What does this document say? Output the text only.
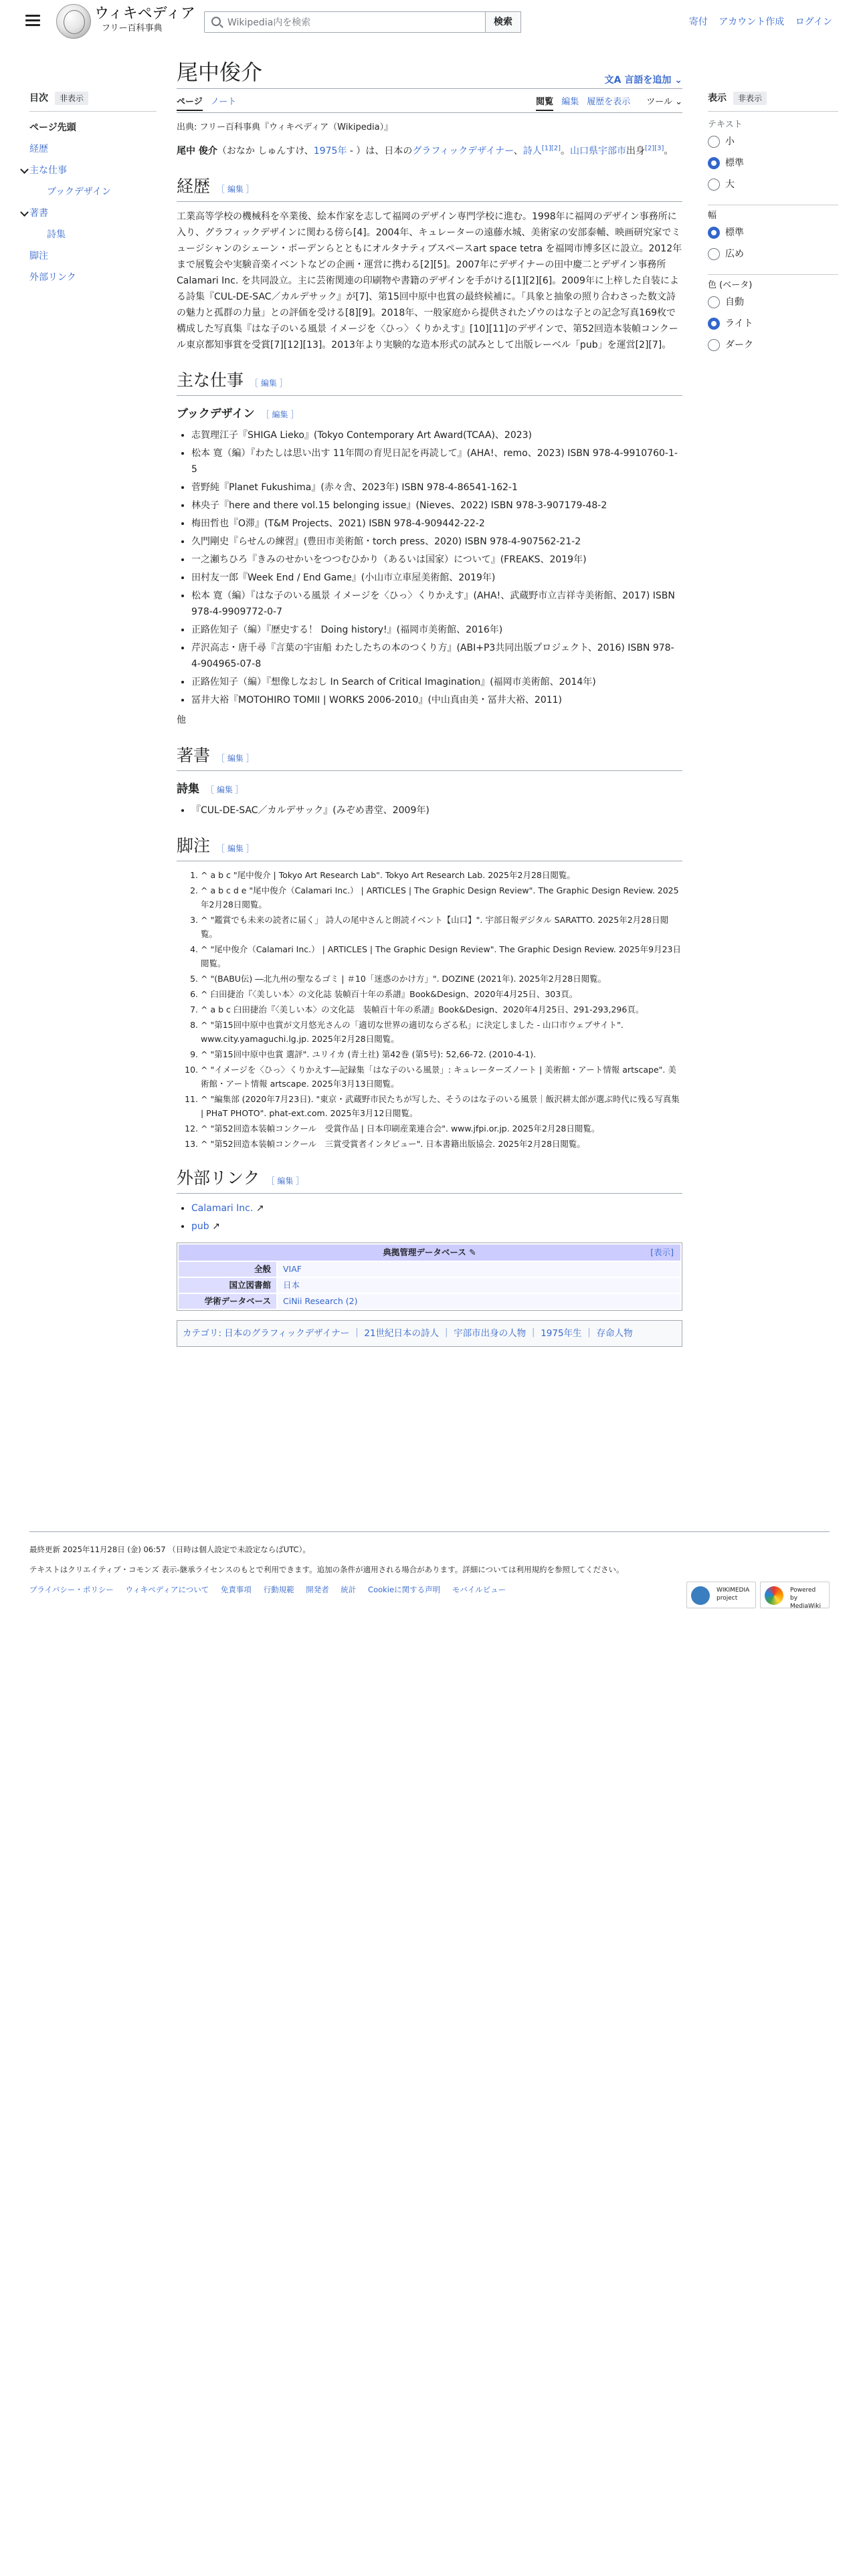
ウィキペディア
フリー百科事典
Wikipedia内を検索	検索	寄付 アカウント作成 ログイン
目次	非表示
ページ先頭
経歴
主な仕事
ブックデザイン
著書
詩集
脚注
外部リンク
表示	非表示
テキスト
小
標準
大
幅
標準
広め
色 (ベータ)
自動
ライト
ダーク
尾中俊介	文A 言語を追加 ⌄
ページ ノート	閲覧 編集 履歴を表示 ツール ⌄
出典: フリー百科事典『ウィキペディア（Wikipedia）』
尾中 俊介（おなか しゅんすけ、1975年 - ）は、日本のグラフィックデザイナー、詩人[1][2]。山口県宇部市出身[2][3]。
経歴 ［ 編集 ］
工業高等学校の機械科を卒業後、絵本作家を志して福岡のデザイン専門学校に進む。1998年に福岡のデザイン事務所に入り、グラフィックデザインに関わる傍ら[4]。2004年、キュレーターの遠藤水城、美術家の安部泰輔、映画研究家でミュージシャンのシェーン・ボーデンらとともにオルタナティブスペースart space tetra を福岡市博多区に設立。2012年まで展覧会や実験音楽イベントなどの企画・運営に携わる[2][5]。2007年にデザイナーの田中慶二とデザイン事務所 Calamari Inc. を共同設立。主に芸術関連の印刷物や書籍のデザインを手がける[1][2][6]。2009年に上梓した自装による詩集『CUL-DE-SAC／カルデサック』が[7]、第15回中原中也賞の最終候補に。「具象と抽象の照り合わさった数文詩の魅力と孤群の力量」との評価を受ける[8][9]。2018年、一般家庭から提供されたゾウのはな子との記念写真169枚で構成した写真集『はな子のいる風景 イメージを〈ひっ〉くりかえす』[10][11]のデザインで、第52回造本装幀コンクール東京都知事賞を受賞[7][12][13]。2013年より実験的な造本形式の試みとして出版レーベル「pub」を運営[2][7]。
主な仕事 ［ 編集 ］
ブックデザイン ［ 編集 ］
• 志賀理江子『SHIGA Lieko』(Tokyo Contemporary Art Award(TCAA)、2023)
• 松本 寛（編）『わたしは思い出す 11年間の育児日記を再読して』(AHA!、remo、2023) ISBN 978-4-9910760-1-5
• 菅野純『Planet Fukushima』(赤々舎、2023年) ISBN 978-4-86541-162-1
• 林央子『here and there vol.15 belonging issue』(Nieves、2022) ISBN 978-3-907179-48-2
• 梅田哲也『O滞』(T&M Projects、2021) ISBN 978-4-909442-22-2
• 久門剛史『らせんの練習』(豊田市美術館・torch press、2020) ISBN 978-4-907562-21-2
• 一之瀬ちひろ『きみのせかいをつつむひかり（あるいは国家）について』(FREAKS、2019年)
• 田村友一郎『Week End / End Game』(小山市立車屋美術館、2019年)
• 松本 寛（編）『はな子のいる風景 イメージを〈ひっ〉くりかえす』(AHA!、武蔵野市立吉祥寺美術館、2017) ISBN 978-4-9909772-0-7
• 正路佐知子（編）『歴史する！ Doing history!』(福岡市美術館、2016年)
• 芹沢高志・唐千尋『言葉の宇宙船 わたしたちの本のつくり方』(ABI+P3共同出版プロジェクト、2016) ISBN 978-4-904965-07-8
• 正路佐知子（編）『想像しなおし In Search of Critical Imagination』(福岡市美術館、2014年)
• 冨井大裕『MOTOHIRO TOMII | WORKS 2006-2010』(中山真由美・冨井大裕、2011)
他
著書 ［ 編集 ］
詩集 ［ 編集 ］
• 『CUL-DE-SAC／カルデサック』(みぞめ書堂、2009年)
脚注 ［ 編集 ］
1. ^ a b c "尾中俊介 | Tokyo Art Research Lab". Tokyo Art Research Lab. 2025年2月28日閲覧。
2. ^ a b c d e "尾中俊介（Calamari Inc.） | ARTICLES | The Graphic Design Review". The Graphic Design Review. 2025年2月28日閲覧。
3. ^ "鑑賞でも未来の読者に届く」 詩人の尾中さんと朗読イベント【山口】". 宇部日報デジタル SARATTO. 2025年2月28日閲覧。
4. ^ "尾中俊介（Calamari Inc.） | ARTICLES | The Graphic Design Review". The Graphic Design Review. 2025年9月23日閲覧。
5. ^ "(BABU伝) ―北九州の聖なるゴミ | ＃10「迷惑のかけ方」". DOZINE (2021年). 2025年2月28日閲覧。
6. ^ 臼田捷治『〈美しい本〉の文化誌 装幀百十年の系譜』Book&Design、2020年4月25日、303頁。
7. ^ a b c 臼田捷治『〈美しい本〉の文化誌　装幀百十年の系譜』Book&Design、2020年4月25日、291-293,296頁。
8. ^ "第15回中原中也賞が文月悠光さんの「適切な世界の適切ならざる私」に決定しました - 山口市ウェブサイト". www.city.yamaguchi.lg.jp. 2025年2月28日閲覧。
9. ^ "第15回中原中也賞 選評". ユリイカ (青土社) 第42巻 (第5号): 52,66-72. (2010-4-1).
10. ^ "イメージを〈ひっ〉くりかえす―記録集「はな子のいる風景」: キュレーターズノート | 美術館・アート情報 artscape". 美術館・アート情報 artscape. 2025年3月13日閲覧。
11. ^ "編集部 (2020年7月23日). "東京・武蔵野市民たちが写した、そうのはな子のいる風景｜飯沢耕太郎が選ぶ時代に残る写真集 | PHaT PHOTO". phat-ext.com. 2025年3月12日閲覧。
12. ^ "第52回造本装幀コンクール　受賞作品 | 日本印刷産業連合会". www.jfpi.or.jp. 2025年2月28日閲覧。
13. ^ "第52回造本装幀コンクール　三賞受賞者インタビュー". 日本書籍出版協会. 2025年2月28日閲覧。
外部リンク ［ 編集 ］
• Calamari Inc. ↗
• pub ↗
典拠管理データベース ✎	[表示]
全般	VIAF
国立図書館	日本
学術データベース	CiNii Research (2)
カテゴリ: 日本のグラフィックデザイナー ｜ 21世紀日本の詩人 ｜ 宇部市出身の人物 ｜ 1975年生 ｜ 存命人物
最終更新 2025年11月28日 (金) 06:57 （日時は個人設定で未設定ならばUTC）。
テキストはクリエイティブ・コモンズ 表示-継承ライセンスのもとで利用できます。追加の条件が適用される場合があります。詳細については利用規約を参照してください。
プライバシー・ポリシー ウィキペディアについて 免責事項 行動規範 開発者 統計 Cookieに関する声明 モバイルビュー	WIKIMEDIA project
Powered by MediaWiki
